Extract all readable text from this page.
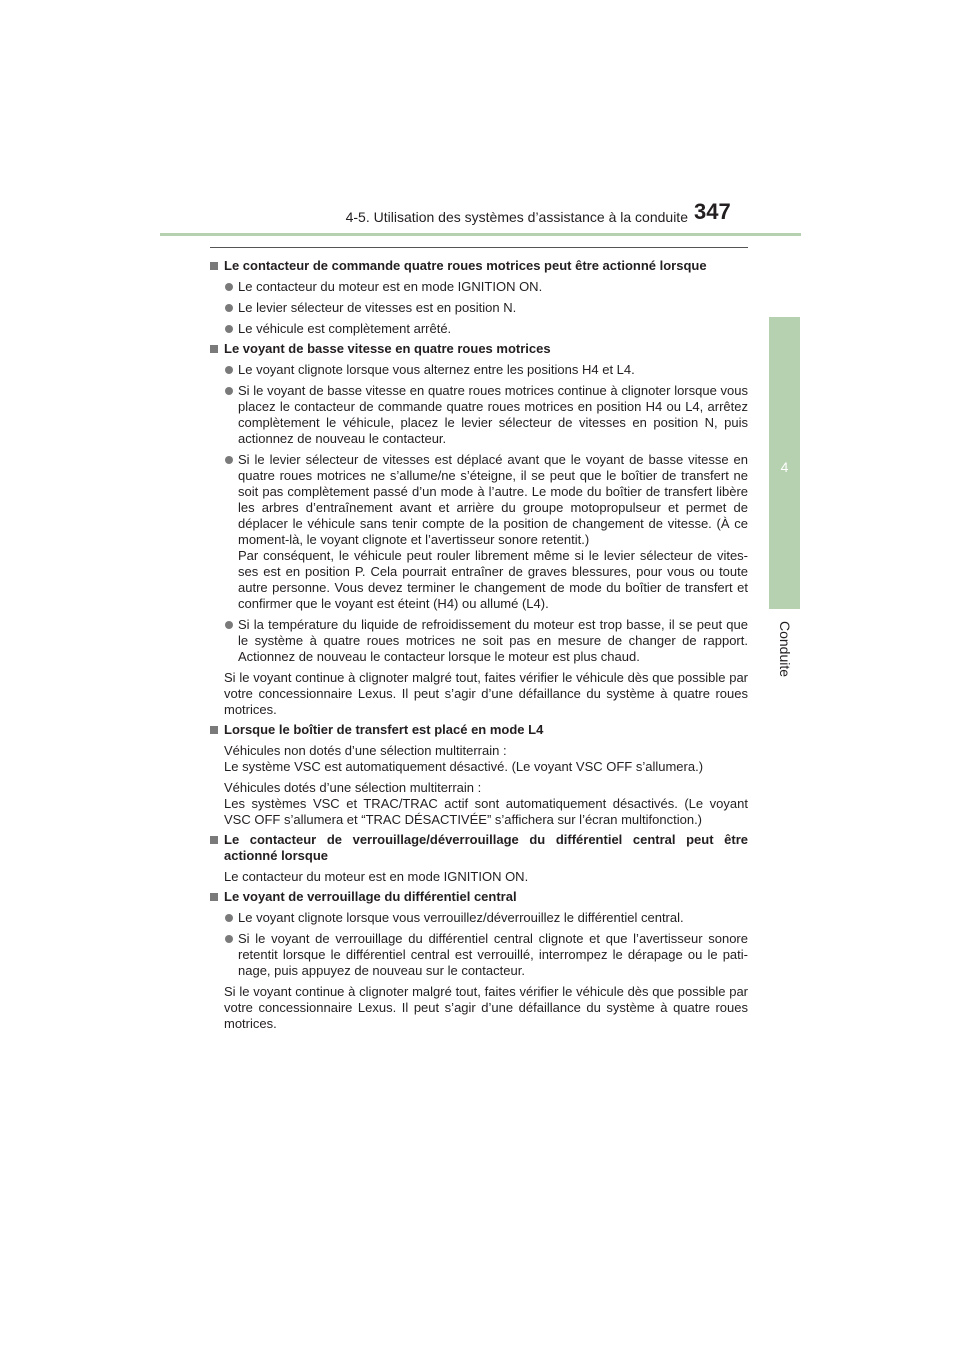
4-5. Utilisation des systèmes d’assistance à la conduite 347
4
Conduite
Le contacteur de commande quatre roues motrices peut être actionné lorsque
Le contacteur du moteur est en mode IGNITION ON.
Le levier sélecteur de vitesses est en position N.
Le véhicule est complètement arrêté.
Le voyant de basse vitesse en quatre roues motrices
Le voyant clignote lorsque vous alternez entre les positions H4 et L4.
Si le voyant de basse vitesse en quatre roues motrices continue à clignoter lorsque vous placez le contacteur de commande quatre roues motrices en position H4 ou L4, arrêtez complètement le véhicule, placez le levier sélecteur de vitesses en position N, puis actionnez de nouveau le contacteur.
Si le levier sélecteur de vitesses est déplacé avant que le voyant de basse vitesse en quatre roues motrices ne s’allume/ne s’éteigne, il se peut que le boîtier de transfert ne soit pas complètement passé d’un mode à l’autre. Le mode du boîtier de transfert libère les arbres d’entraînement avant et arrière du groupe motopropulseur et permet de déplacer le véhicule sans tenir compte de la position de changement de vitesse. (À ce moment-là, le voyant clignote et l’avertisseur sonore retentit.)
Par conséquent, le véhicule peut rouler librement même si le levier sélecteur de vites-ses est en position P. Cela pourrait entraîner de graves blessures, pour vous ou toute autre personne. Vous devez terminer le changement de mode du boîtier de transfert et confirmer que le voyant est éteint (H4) ou allumé (L4).
Si la température du liquide de refroidissement du moteur est trop basse, il se peut que le système à quatre roues motrices ne soit pas en mesure de changer de rapport. Actionnez de nouveau le contacteur lorsque le moteur est plus chaud.
Si le voyant continue à clignoter malgré tout, faites vérifier le véhicule dès que possible par votre concessionnaire Lexus. Il peut s’agir d’une défaillance du système à quatre roues motrices.
Lorsque le boîtier de transfert est placé en mode L4
Véhicules non dotés d’une sélection multiterrain :
Le système VSC est automatiquement désactivé. (Le voyant VSC OFF s’allumera.)
Véhicules dotés d’une sélection multiterrain :
Les systèmes VSC et TRAC/TRAC actif sont automatiquement désactivés. (Le voyant VSC OFF s’allumera et “TRAC DÉSACTIVÉE” s’affichera sur l’écran multifonction.)
Le contacteur de verrouillage/déverrouillage du différentiel central peut être actionné lorsque
Le contacteur du moteur est en mode IGNITION ON.
Le voyant de verrouillage du différentiel central
Le voyant clignote lorsque vous verrouillez/déverrouillez le différentiel central.
Si le voyant de verrouillage du différentiel central clignote et que l’avertisseur sonore retentit lorsque le différentiel central est verrouillé, interrompez le dérapage ou le pati-nage, puis appuyez de nouveau sur le contacteur.
Si le voyant continue à clignoter malgré tout, faites vérifier le véhicule dès que possible par votre concessionnaire Lexus. Il peut s’agir d’une défaillance du système à quatre roues motrices.
